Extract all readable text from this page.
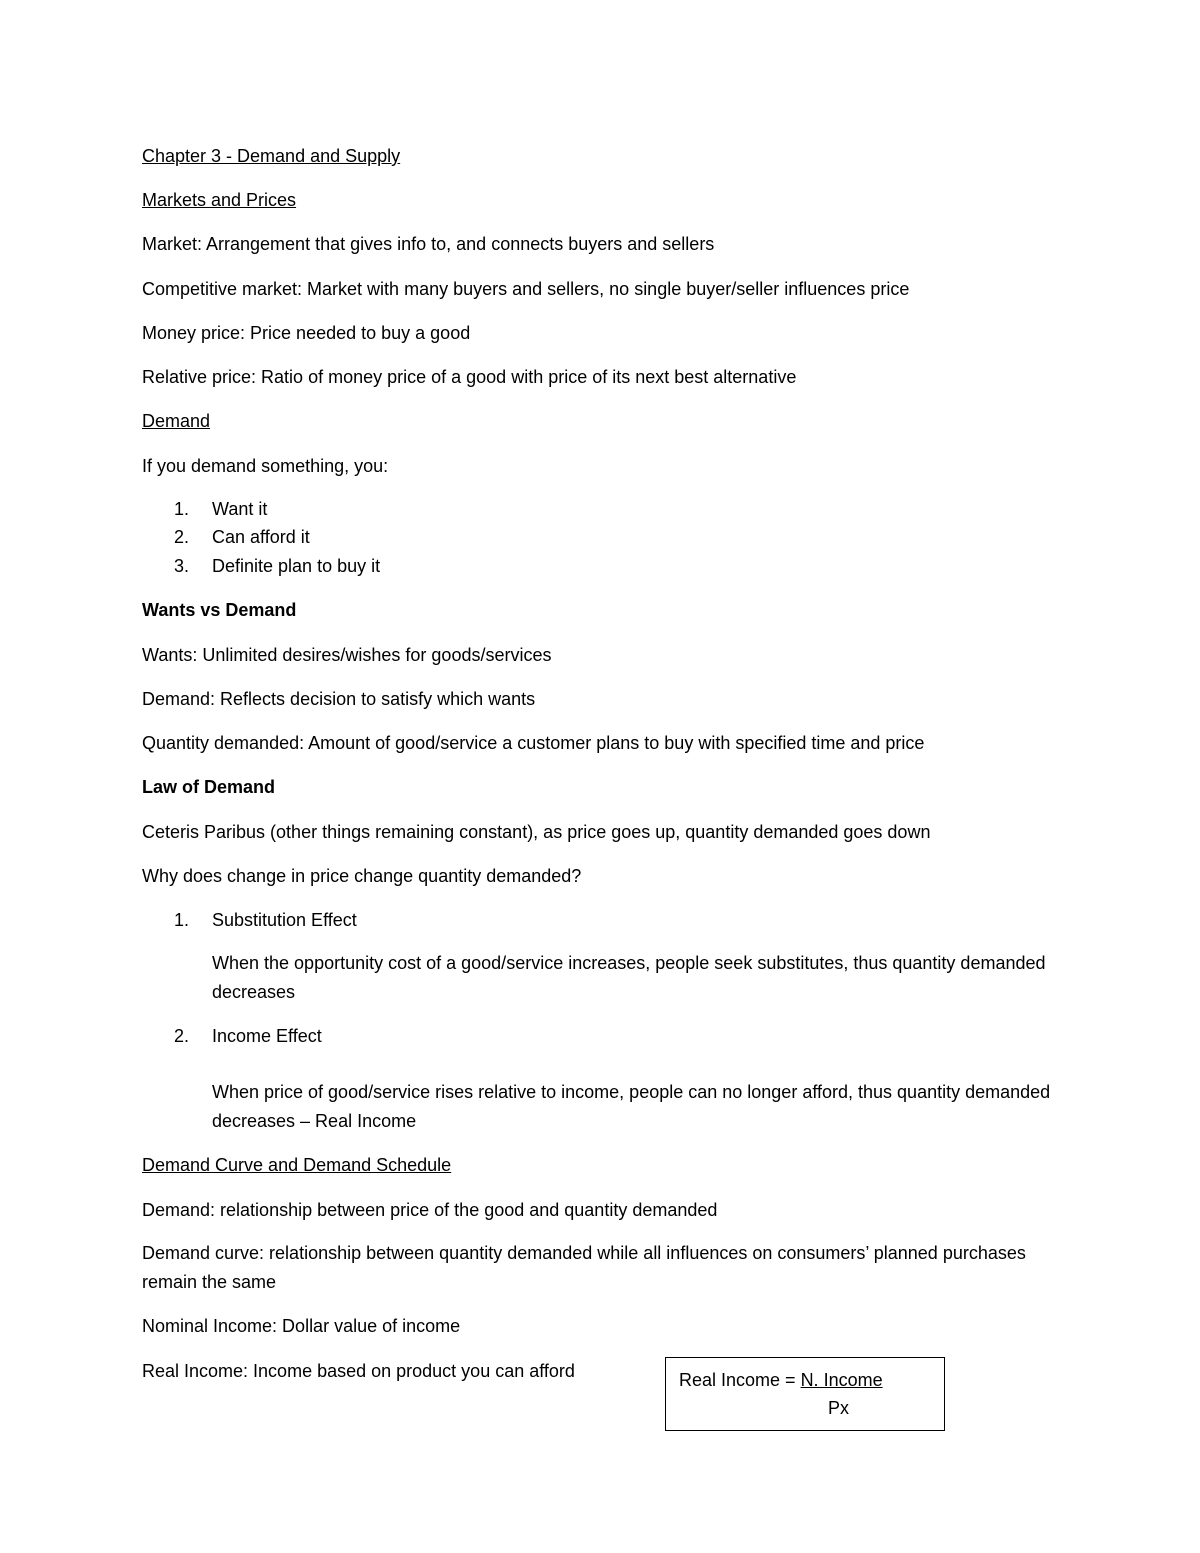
Chapter 3 - Demand and Supply
Markets and Prices
Market: Arrangement that gives info to, and connects buyers and sellers
Competitive market: Market with many buyers and sellers, no single buyer/seller influences price
Money price: Price needed to buy a good
Relative price: Ratio of money price of a good with price of its next best alternative
Demand
If you demand something, you:
1. Want it
2. Can afford it
3. Definite plan to buy it
Wants vs Demand
Wants: Unlimited desires/wishes for goods/services
Demand: Reflects decision to satisfy which wants
Quantity demanded: Amount of good/service a customer plans to buy with specified time and price
Law of Demand
Ceteris Paribus (other things remaining constant), as price goes up, quantity demanded goes down
Why does change in price change quantity demanded?
1. Substitution Effect
When the opportunity cost of a good/service increases, people seek substitutes, thus quantity demanded decreases
2. Income Effect
When price of good/service rises relative to income, people can no longer afford, thus quantity demanded decreases – Real Income
Demand Curve and Demand Schedule
Demand: relationship between price of the good and quantity demanded
Demand curve: relationship between quantity demanded while all influences on consumers’ planned purchases remain the same
Nominal Income: Dollar value of income
Real Income: Income based on product you can afford	Real Income = N. Income
Px
